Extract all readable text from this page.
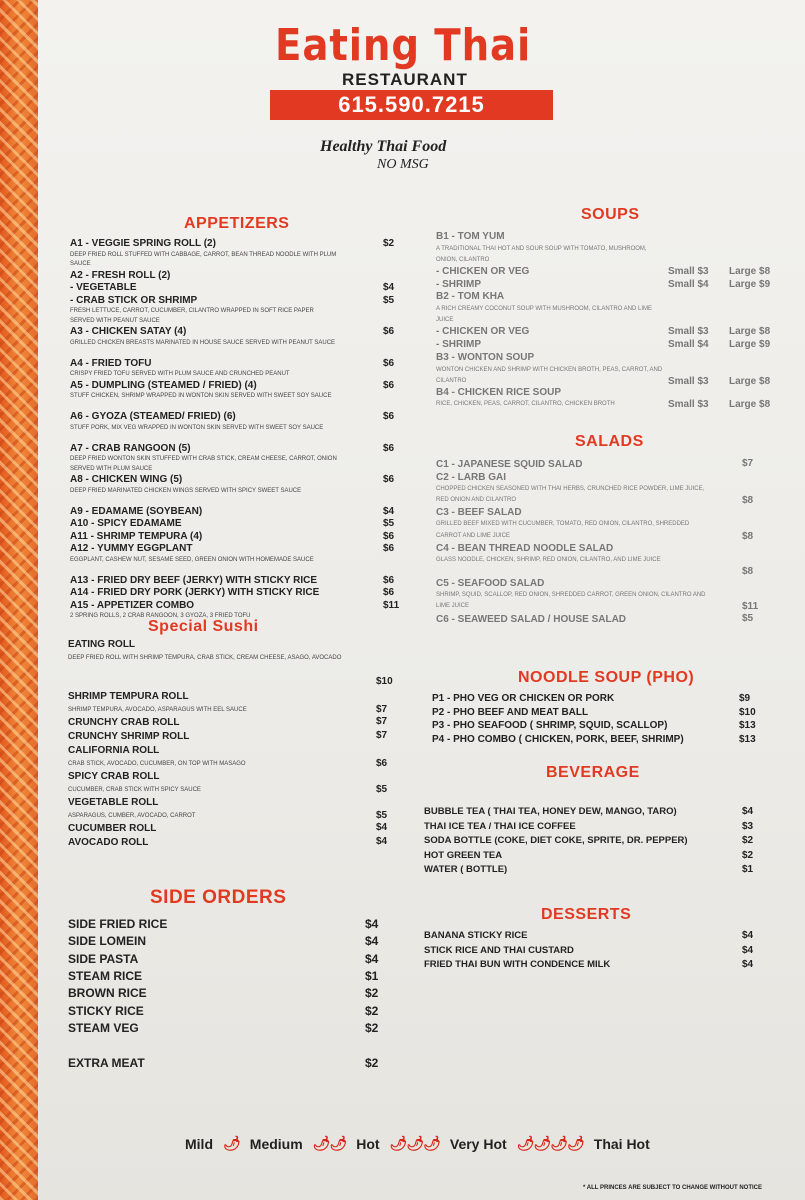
Eating Thai
RESTAURANT
615.590.7215
Healthy Thai Food
NO MSG
APPETIZERS
Special Sushi
SIDE ORDERS
SOUPS
SALADS
NOODLE SOUP (PHO)
BEVERAGE
DESSERTS
Mild 🌶 Medium 🌶🌶 Hot 🌶🌶🌶 Very Hot 🌶🌶🌶🌶 Thai Hot
* ALL PRINCES ARE SUBJECT TO CHANGE WITHOUT NOTICE
A1 - VEGGIE SPRING ROLL (2)	$2
DEEP FRIED ROLL STUFFED WITH CABBAGE, CARROT, BEAN THREAD NOODLE WITH PLUM SAUCE
A2 - FRESH ROLL (2)
- VEGETABLE	$4
- CRAB STICK OR SHRIMP	$5
FRESH LETTUCE, CARROT, CUCUMBER, CILANTRO WRAPPED IN SOFT RICE PAPER SERVED WITH PEANUT SAUCE
A3 - CHICKEN SATAY (4)	$6
GRILLED CHICKEN BREASTS MARINATED IN HOUSE SAUCE SERVED WITH PEANUT SAUCE
A4 - FRIED TOFU	$6
CRISPY FRIED TOFU SERVED WITH PLUM SAUCE AND CRUNCHED PEANUT
A5 - DUMPLING (STEAMED / FRIED) (4)	$6
STUFF CHICKEN, SHRIMP WRAPPED IN WONTON SKIN SERVED WITH SWEET SOY SAUCE
A6 - GYOZA (STEAMED/ FRIED) (6)	$6
STUFF PORK, MIX VEG WRAPPED IN WONTON SKIN SERVED WITH SWEET SOY SAUCE
A7 - CRAB RANGOON (5)	$6
DEEP FRIED WONTON SKIN STUFFED WITH CRAB STICK, CREAM CHEESE, CARROT, ONION SERVED WITH PLUM SAUCE
A8 - CHICKEN WING (5)	$6
DEEP FRIED MARINATED CHICKEN WINGS SERVED WITH SPICY SWEET SAUCE
A9 - EDAMAME (SOYBEAN)	$4
A10 - SPICY EDAMAME	$5
A11 - SHRIMP TEMPURA (4)	$6
A12 - YUMMY EGGPLANT	$6
EGGPLANT, CASHEW NUT, SESAME SEED, GREEN ONION WITH HOMEMADE SAUCE
A13 - FRIED DRY BEEF (JERKY) WITH STICKY RICE	$6
A14 - FRIED DRY PORK (JERKY) WITH STICKY RICE	$6
A15 - APPETIZER COMBO	$11
2 SPRING ROLLS, 2 CRAB RANGOON, 3 GYOZA, 3 FRIED TOFU
EATING ROLL
DEEP FRIED ROLL WITH SHRIMP TEMPURA, CRAB STICK, CREAM CHEESE, ASAGO, AVOCADO
$10
SHRIMP TEMPURA ROLL
SHRIMP TEMPURA, AVOCADO, ASPARAGUS WITH EEL SAUCE	$7
CRUNCHY CRAB ROLL	$7
CRUNCHY SHRIMP ROLL	$7
CALIFORNIA ROLL
CRAB STICK, AVOCADO, CUCUMBER, ON TOP WITH MASAGO	$6
SPICY CRAB ROLL
CUCUMBER, CRAB STICK WITH SPICY SAUCE	$5
VEGETABLE ROLL
ASPARAGUS, CUMBER, AVOCADO, CARROT	$5
CUCUMBER ROLL	$4
AVOCADO ROLL	$4
SIDE FRIED RICE	$4
SIDE LOMEIN	$4
SIDE PASTA	$4
STEAM RICE	$1
BROWN RICE	$2
STICKY RICE	$2
STEAM VEG	$2
EXTRA MEAT	$2
B1 - TOM YUM
A TRADITIONAL THAI HOT AND SOUR SOUP WITH TOMATO, MUSHROOM, ONION, CILANTRO
- CHICKEN OR VEG	Small $3 Large $8
- SHRIMP	Small $4 Large $9
B2 - TOM KHA
A RICH CREAMY COCONUT SOUP WITH MUSHROOM, CILANTRO AND LIME JUICE
- CHICKEN OR VEG	Small $3 Large $8
- SHRIMP	Small $4 Large $9
B3 - WONTON SOUP
WONTON CHICKEN AND SHRIMP WITH CHICKEN BROTH, PEAS, CARROT, AND CILANTRO	Small $3 Large $8
B4 - CHICKEN RICE SOUP
RICE, CHICKEN, PEAS, CARROT, CILANTRO, CHICKEN BROTH	Small $3 Large $8
C1 - JAPANESE SQUID SALAD	$7
C2 - LARB GAI
CHOPPED CHICKEN SEASONED WITH THAI HERBS, CRUNCHED RICE POWDER, LIME JUICE, RED ONION AND CILANTRO	$8
C3 - BEEF SALAD
GRILLED BEEF MIXED WITH CUCUMBER, TOMATO, RED ONION, CILANTRO, SHREDDED CARROT AND LIME JUICE	$8
C4 - BEAN THREAD NOODLE SALAD
GLASS NOODLE, CHICKEN, SHRIMP, RED ONION, CILANTRO, AND LIME JUICE
$8
C5 - SEAFOOD SALAD
SHRIMP, SQUID, SCALLOP, RED ONION, SHREDDED CARROT, GREEN ONION, CILANTRO AND LIME JUICE	$11
C6 - SEAWEED SALAD / HOUSE SALAD	$5
P1 - PHO VEG OR CHICKEN OR PORK	$9
P2 - PHO BEEF AND MEAT BALL	$10
P3 - PHO SEAFOOD ( SHRIMP, SQUID, SCALLOP)	$13
P4 - PHO COMBO ( CHICKEN, PORK, BEEF, SHRIMP)	$13
BUBBLE TEA ( THAI TEA, HONEY DEW, MANGO, TARO)	$4
THAI ICE TEA / THAI ICE COFFEE	$3
SODA BOTTLE (COKE, DIET COKE, SPRITE, DR. PEPPER)	$2
HOT GREEN TEA	$2
WATER ( BOTTLE)	$1
BANANA STICKY RICE	$4
STICK RICE AND THAI CUSTARD	$4
FRIED THAI BUN WITH CONDENCE MILK	$4
